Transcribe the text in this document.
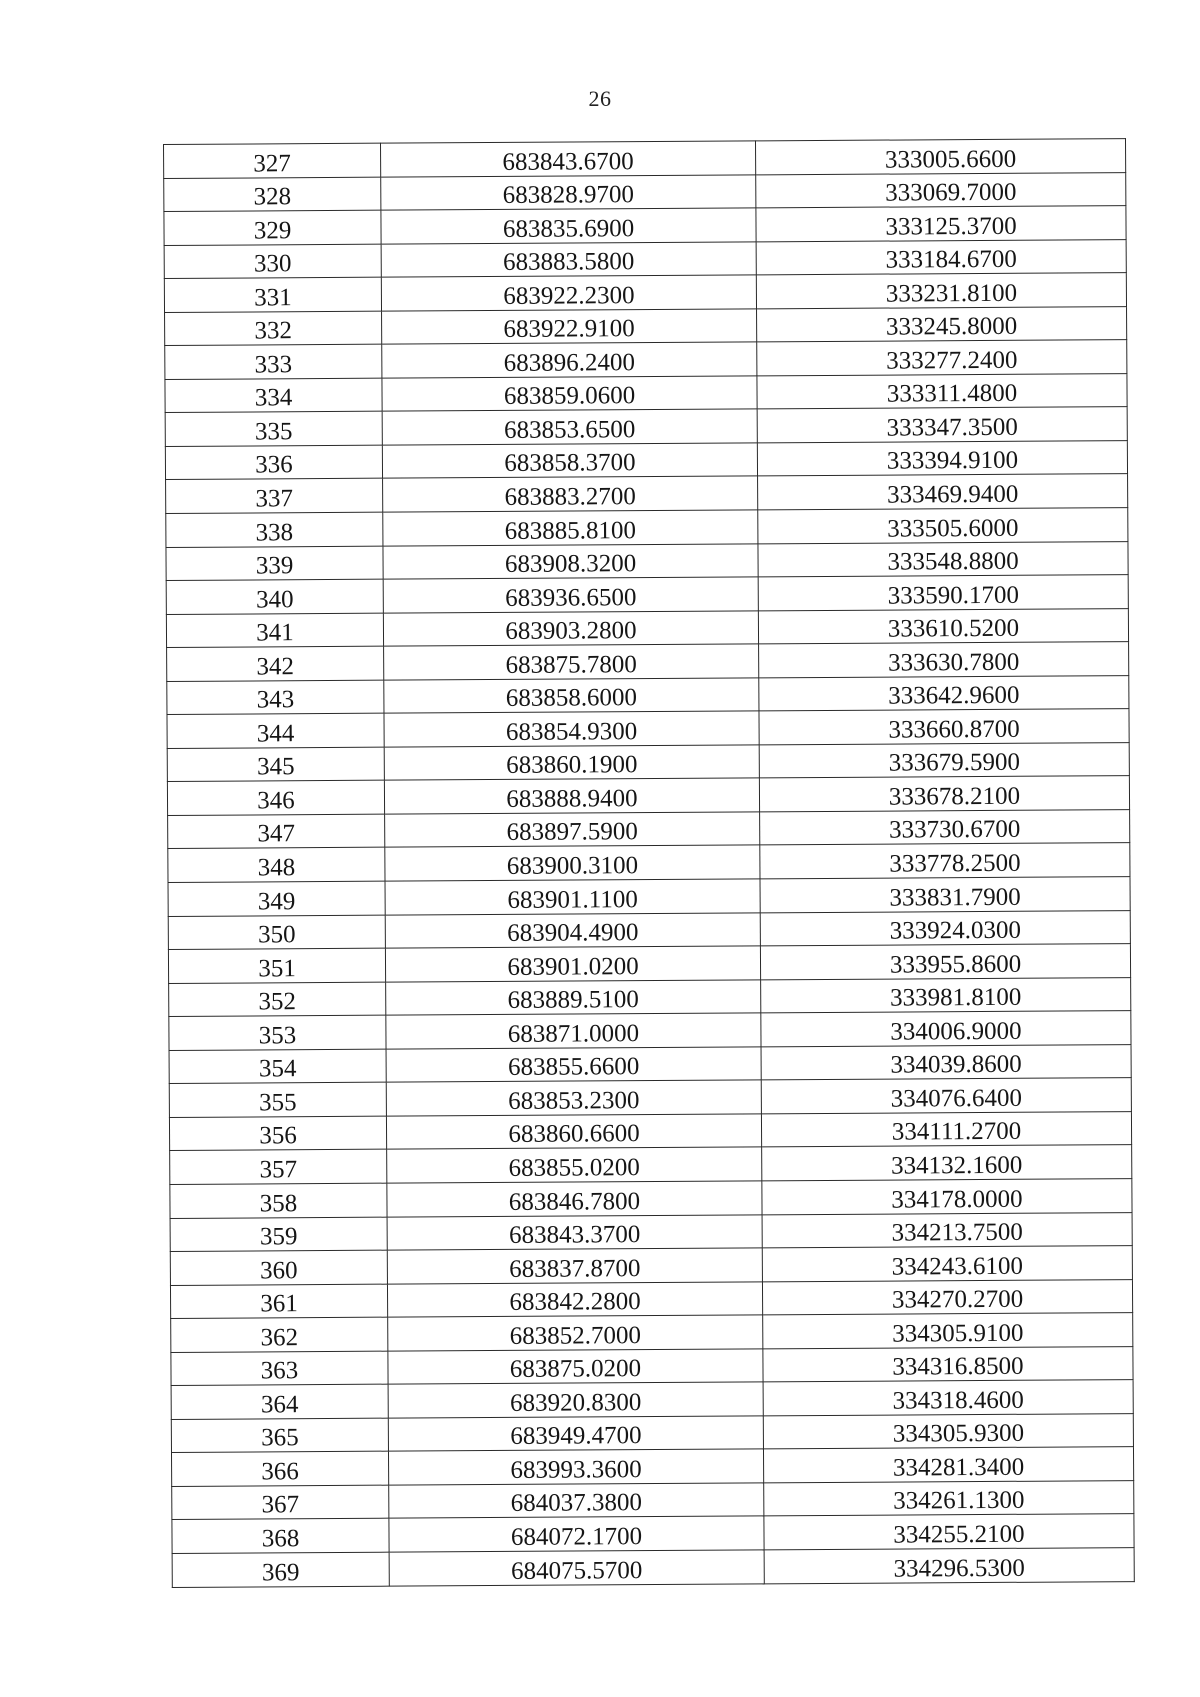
26
327	683843.6700	333005.6600
328	683828.9700	333069.7000
329	683835.6900	333125.3700
330	683883.5800	333184.6700
331	683922.2300	333231.8100
332	683922.9100	333245.8000
333	683896.2400	333277.2400
334	683859.0600	333311.4800
335	683853.6500	333347.3500
336	683858.3700	333394.9100
337	683883.2700	333469.9400
338	683885.8100	333505.6000
339	683908.3200	333548.8800
340	683936.6500	333590.1700
341	683903.2800	333610.5200
342	683875.7800	333630.7800
343	683858.6000	333642.9600
344	683854.9300	333660.8700
345	683860.1900	333679.5900
346	683888.9400	333678.2100
347	683897.5900	333730.6700
348	683900.3100	333778.2500
349	683901.1100	333831.7900
350	683904.4900	333924.0300
351	683901.0200	333955.8600
352	683889.5100	333981.8100
353	683871.0000	334006.9000
354	683855.6600	334039.8600
355	683853.2300	334076.6400
356	683860.6600	334111.2700
357	683855.0200	334132.1600
358	683846.7800	334178.0000
359	683843.3700	334213.7500
360	683837.8700	334243.6100
361	683842.2800	334270.2700
362	683852.7000	334305.9100
363	683875.0200	334316.8500
364	683920.8300	334318.4600
365	683949.4700	334305.9300
366	683993.3600	334281.3400
367	684037.3800	334261.1300
368	684072.1700	334255.2100
369	684075.5700	334296.5300
